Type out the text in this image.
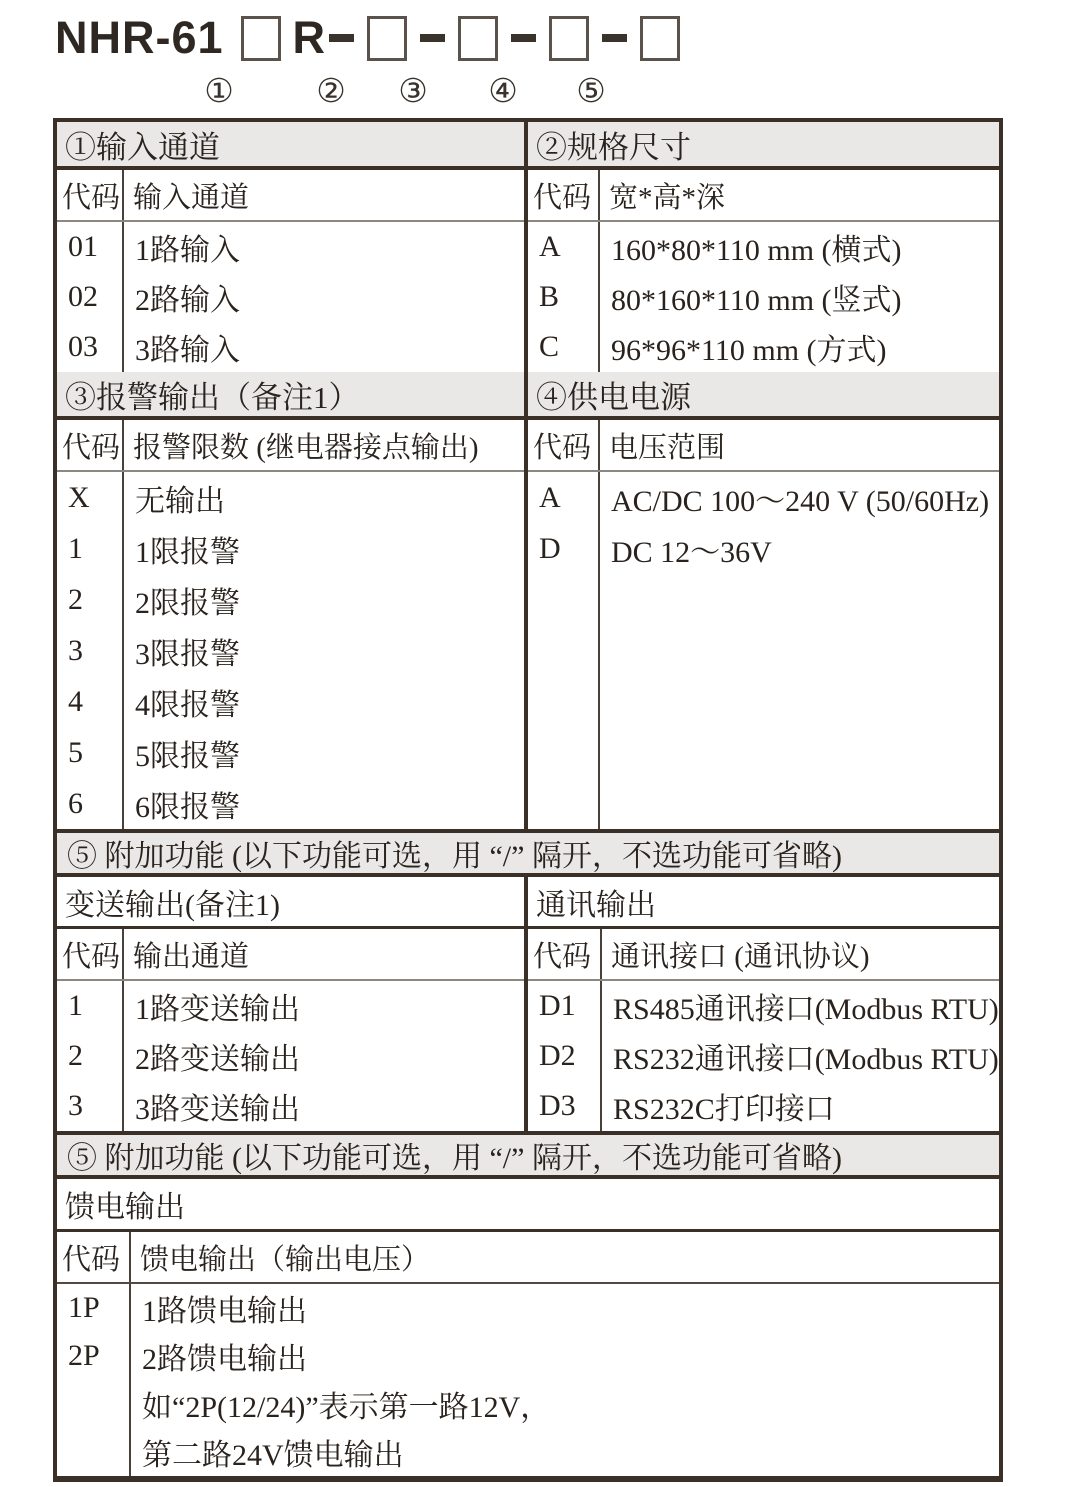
NHR-61 R
① ② ③ ④ ⑤
①输入通道
代码 输入通道
01
02
03
1路输入
2路输入
3路输入
②规格尺寸
代码 宽*高*深
A
B
C
160*80*110 mm (横式)
80*160*110 mm (竖式)
96*96*110 mm (方式)
③报警输出（备注1）
代码 报警限数 (继电器接点输出)
X
1
2
3
4
5
6
无输出
1限报警
2限报警
3限报警
4限报警
5限报警
6限报警
④供电电源
代码 电压范围
A
D
AC/DC 100～240 V (50/60Hz)
DC 12～36V
⑤ 附加功能 (以下功能可选，用 “/” 隔开，不选功能可省略)
变送输出(备注1)
代码 输出通道
1
2
3
1路变送输出
2路变送输出
3路变送输出
通讯输出
代码 通讯接口 (通讯协议)
D1
D2
D3
RS485通讯接口(Modbus RTU)
RS232通讯接口(Modbus RTU)
RS232C打印接口
⑤ 附加功能 (以下功能可选，用 “/” 隔开，不选功能可省略)
馈电输出
代码 馈电输出（输出电压）
1P
2P
1路馈电输出
2路馈电输出
如“2P(12/24)”表示第一路12V，
第二路24V馈电输出
